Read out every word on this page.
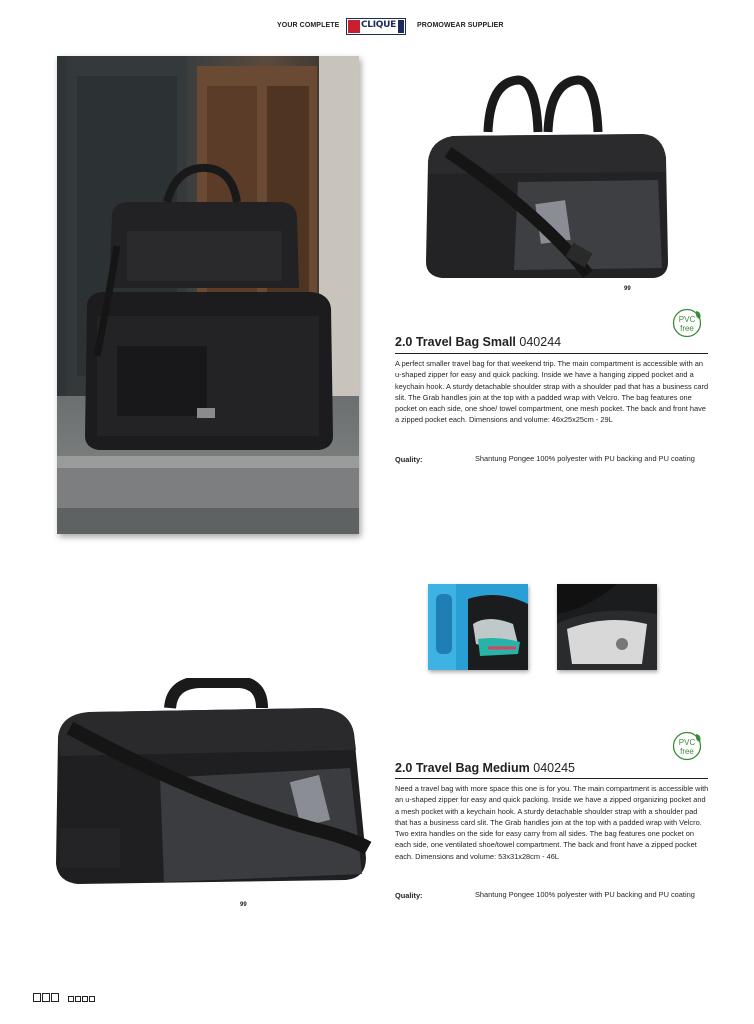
YOUR COMPLETE CLIQUE	PROMOWEAR SUPPLIER
99
PVC
free
2.0 Travel Bag Small 040244
A perfect smaller travel bag for that weekend trip. The main compartment is accessible with an u-shaped zipper for easy and quick packing. Inside we have a hanging zipped pocket and a keychain hook. A sturdy detachable shoulder strap with a shoulder pad that has a business card slit. The Grab handles join at the top with a padded wrap with Velcro. The bag features one pocket on each side, one shoe/ towel compartment, one mesh pocket. The back and front have a zipped pocket each. Dimensions and volume: 46x25x25cm - 29L
Quality:	Shantung Pongee 100% polyester with PU backing and PU coating
99
PVC
free
2.0 Travel Bag Medium 040245
Need a travel bag with more space this one is for you. The main compartment is accessible with an u-shaped zipper for easy and quick packing. Inside we have a zipped organizing pocket and a mesh pocket with a keychain hook. A sturdy detachable shoulder strap with a shoulder pad that has a business card slit. The Grab handles join at the top with a padded wrap with Velcro. Two extra handles on the side for easy carry from all sides. The bag features one pocket on each side, one ventilated shoe/towel compartment. The back and front have a zipped pocket each. Dimensions and volume: 53x31x28cm - 46L
Quality:	Shantung Pongee 100% polyester with PU backing and PU coating
